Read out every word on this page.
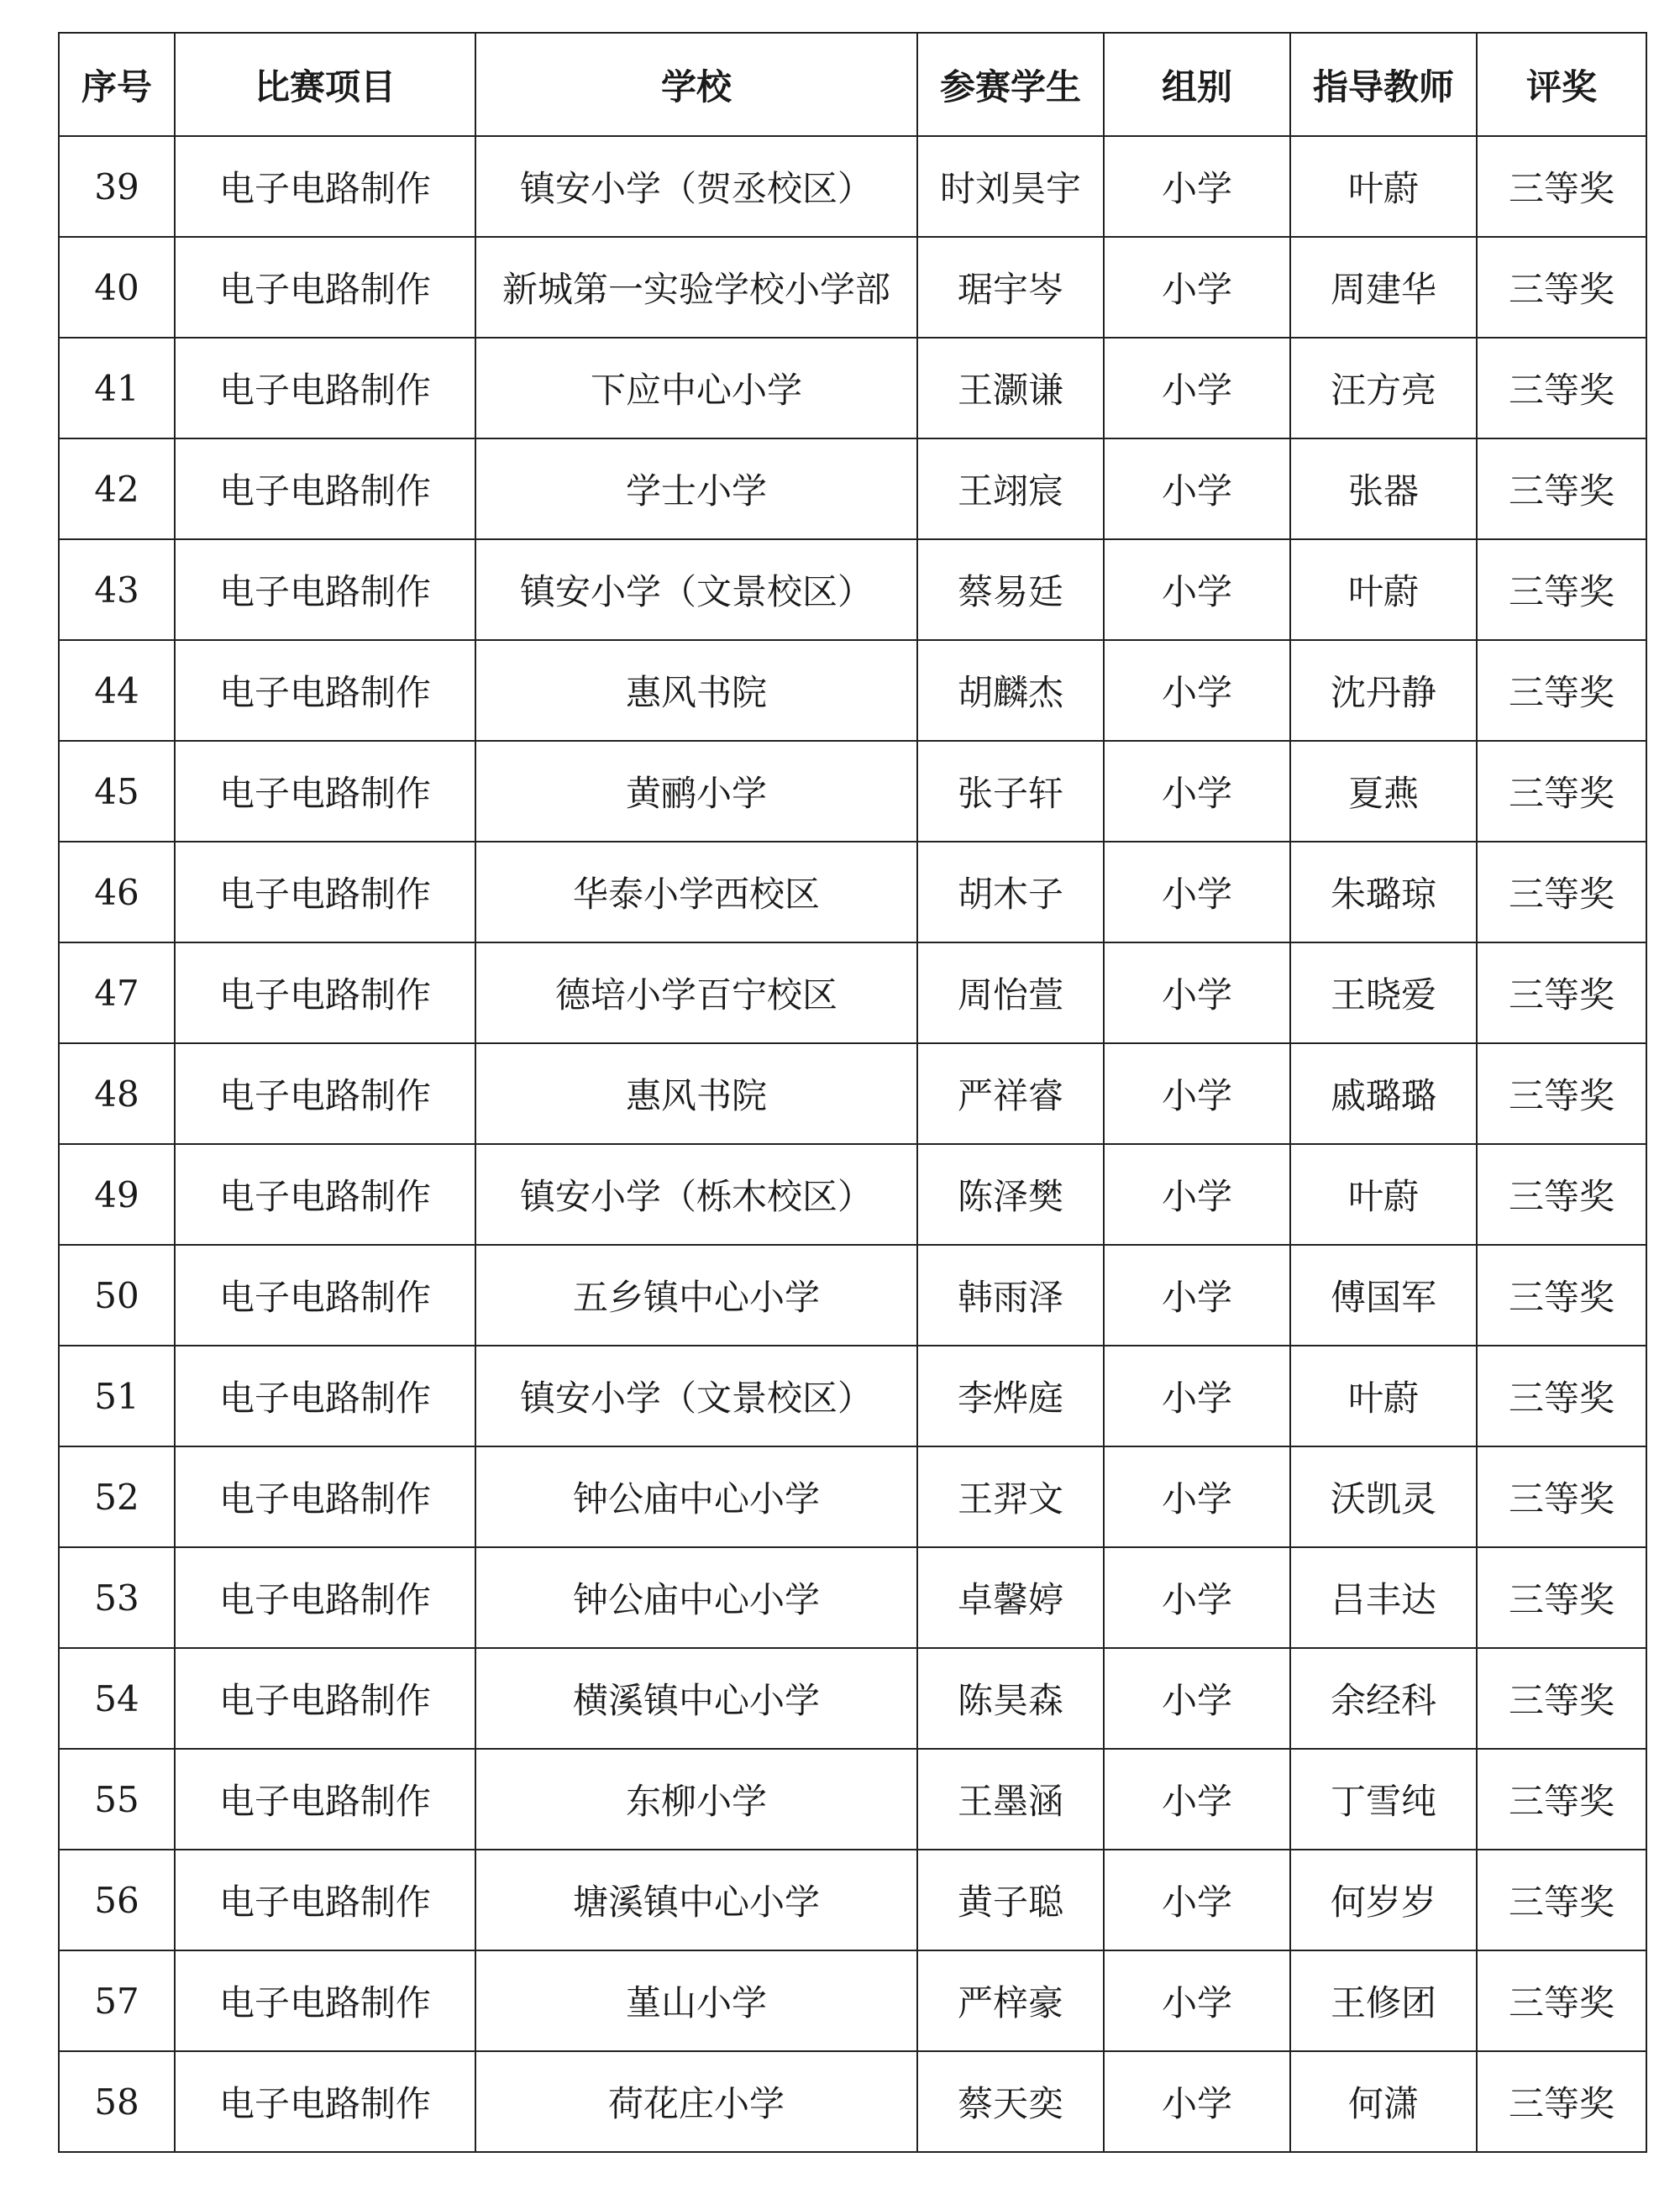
序号	比赛项目	学校	参赛学生	组别	指导教师	评奖
39	电子电路制作	镇安小学（贺丞校区）	时刘昊宇	小学	叶蔚	三等奖
40	电子电路制作	新城第一实验学校小学部	琚宇岑	小学	周建华	三等奖
41	电子电路制作	下应中心小学	王灏谦	小学	汪方亮	三等奖
42	电子电路制作	学士小学	王翊宸	小学	张器	三等奖
43	电子电路制作	镇安小学（文景校区）	蔡易廷	小学	叶蔚	三等奖
44	电子电路制作	惠风书院	胡麟杰	小学	沈丹静	三等奖
45	电子电路制作	黄鹂小学	张子轩	小学	夏燕	三等奖
46	电子电路制作	华泰小学西校区	胡木子	小学	朱璐琼	三等奖
47	电子电路制作	德培小学百宁校区	周怡萱	小学	王晓爱	三等奖
48	电子电路制作	惠风书院	严祥睿	小学	戚璐璐	三等奖
49	电子电路制作	镇安小学（栎木校区）	陈泽樊	小学	叶蔚	三等奖
50	电子电路制作	五乡镇中心小学	韩雨泽	小学	傅国军	三等奖
51	电子电路制作	镇安小学（文景校区）	李烨庭	小学	叶蔚	三等奖
52	电子电路制作	钟公庙中心小学	王羿文	小学	沃凯灵	三等奖
53	电子电路制作	钟公庙中心小学	卓馨婷	小学	吕丰达	三等奖
54	电子电路制作	横溪镇中心小学	陈昊森	小学	余经科	三等奖
55	电子电路制作	东柳小学	王墨涵	小学	丁雪纯	三等奖
56	电子电路制作	塘溪镇中心小学	黄子聪	小学	何岁岁	三等奖
57	电子电路制作	堇山小学	严梓豪	小学	王修团	三等奖
58	电子电路制作	荷花庄小学	蔡天奕	小学	何潇	三等奖
